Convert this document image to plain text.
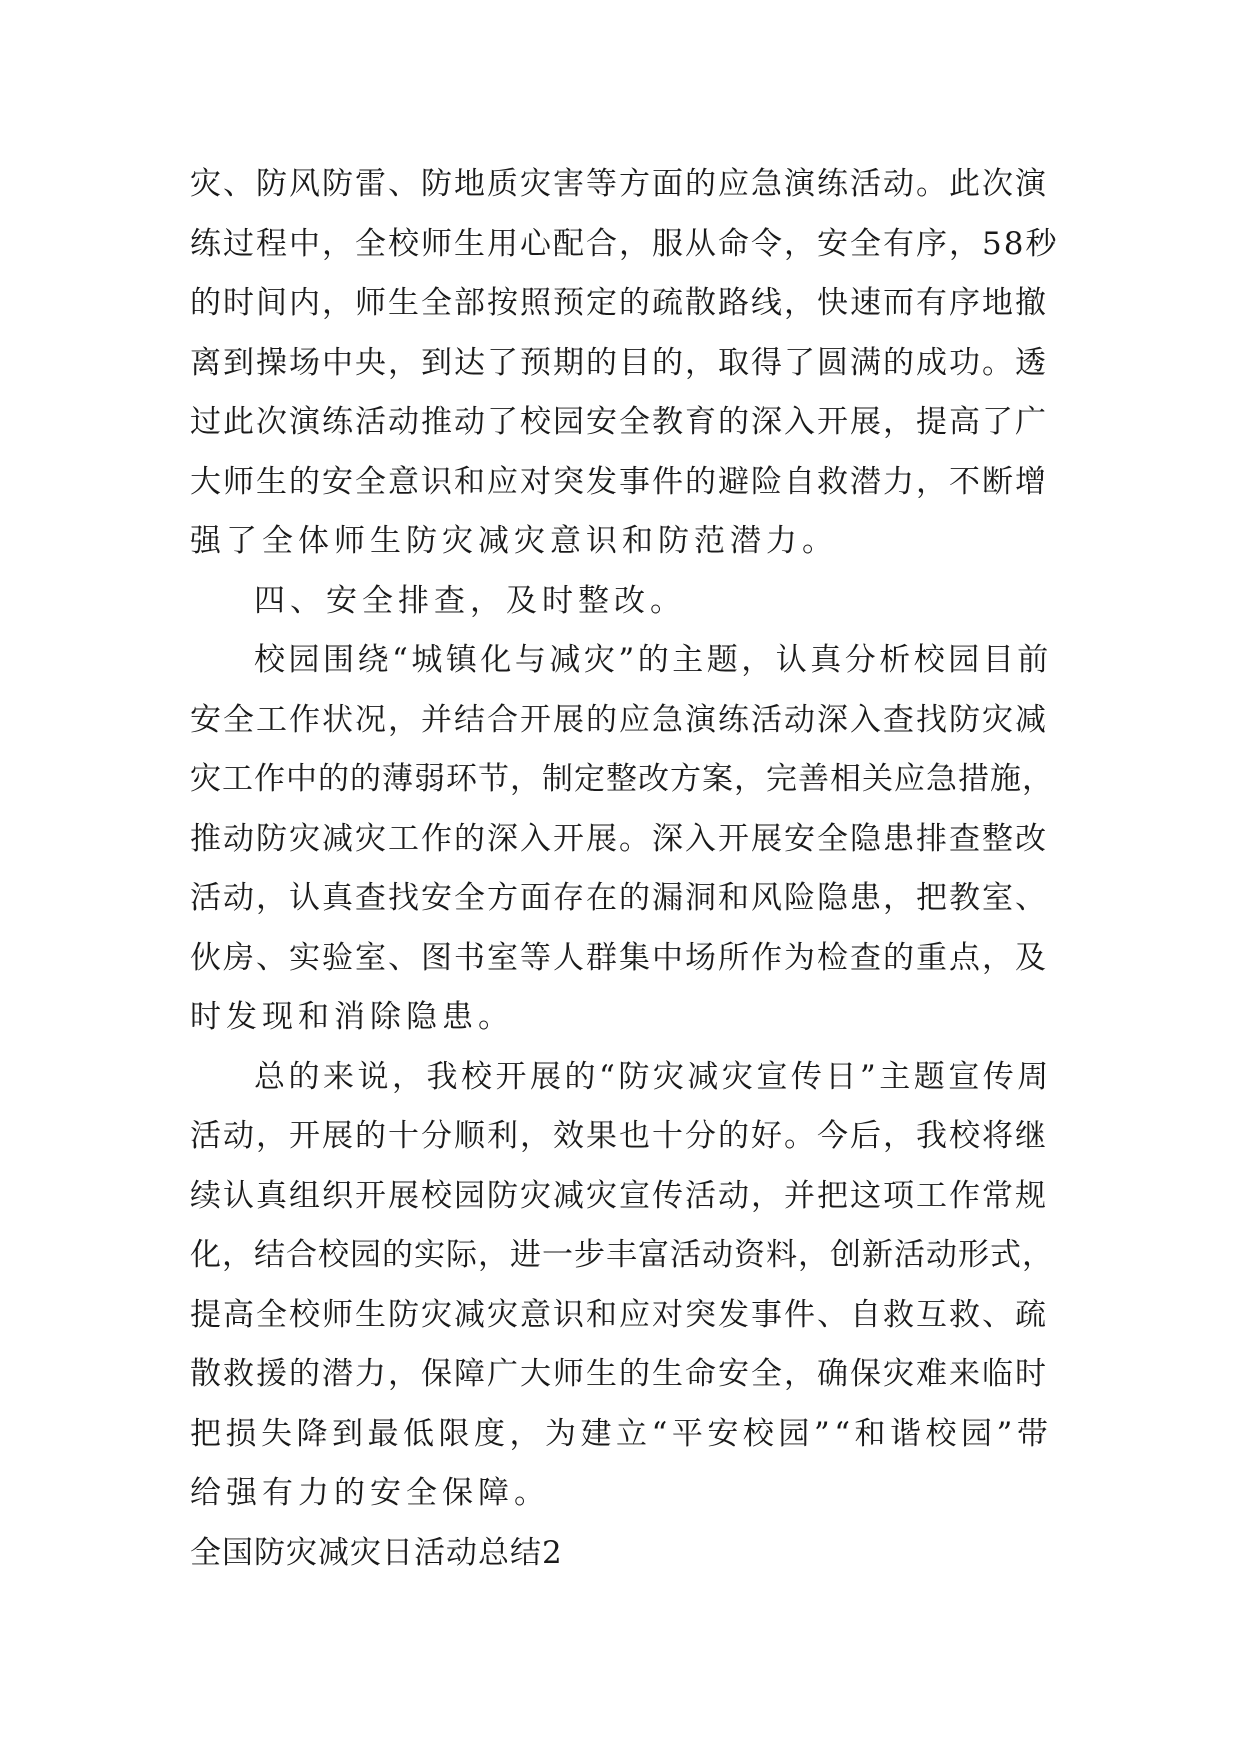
灾、防风防雷、防地质灾害等方面的应急演练活动。此次演
练过程中，全校师生用心配合，服从命令，安全有序，58秒
的时间内，师生全部按照预定的疏散路线，快速而有序地撤
离到操场中央，到达了预期的目的，取得了圆满的成功。透
过此次演练活动推动了校园安全教育的深入开展，提高了广
大师生的安全意识和应对突发事件的避险自救潜力，不断增
强了全体师生防灾减灾意识和防范潜力。
四、安全排查，及时整改。
校园围绕“城镇化与减灾”的主题，认真分析校园目前
安全工作状况，并结合开展的应急演练活动深入查找防灾减
灾工作中的的薄弱环节，制定整改方案，完善相关应急措施，
推动防灾减灾工作的深入开展。深入开展安全隐患排查整改
活动，认真查找安全方面存在的漏洞和风险隐患，把教室、
伙房、实验室、图书室等人群集中场所作为检查的重点，及
时发现和消除隐患。
总的来说，我校开展的“防灾减灾宣传日”主题宣传周
活动，开展的十分顺利，效果也十分的好。今后，我校将继
续认真组织开展校园防灾减灾宣传活动，并把这项工作常规
化，结合校园的实际，进一步丰富活动资料，创新活动形式，
提高全校师生防灾减灾意识和应对突发事件、自救互救、疏
散救援的潜力，保障广大师生的生命安全，确保灾难来临时
把损失降到最低限度，为建立“平安校园”“和谐校园”带
给强有力的安全保障。
全国防灾减灾日活动总结2
